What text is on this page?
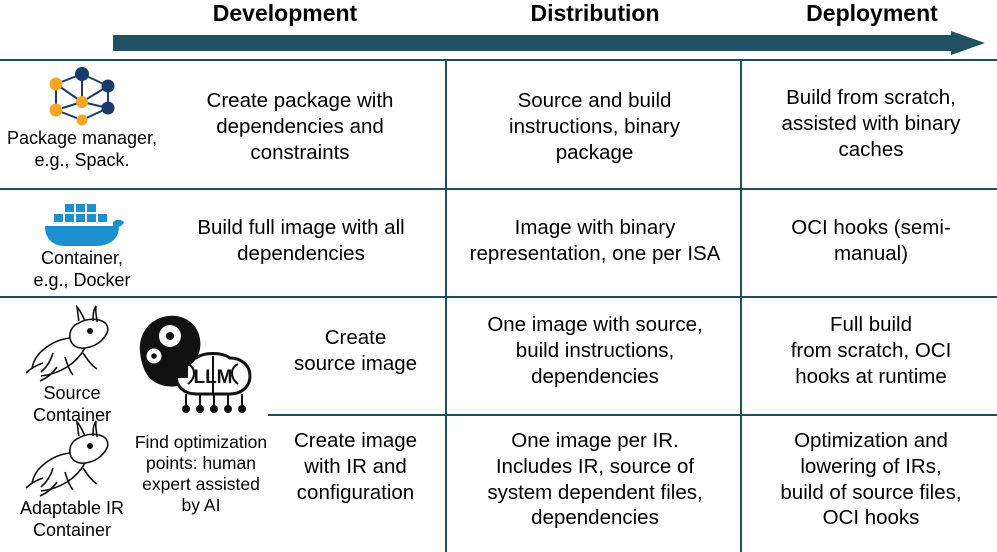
Development	Distribution	Deployment
Package manager,
e.g., Spack.
Create package with
dependencies and
constraints
Source and build
instructions, binary
package
Build from scratch,
assisted with binary
caches
Container,
e.g., Docker
Build full image with all
dependencies
Image with binary
representation, one per ISA
OCI hooks (semi-
manual)
Source
Container
LLM
Find optimization
points: human
expert assisted
by AI
Create
source image
One image with source,
build instructions,
dependencies
Full build
from scratch, OCI
hooks at runtime
Adaptable IR
Container
Create image
with IR and
configuration
One image per IR.
Includes IR, source of
system dependent files,
dependencies
Optimization and
lowering of IRs,
build of source files,
OCI hooks
